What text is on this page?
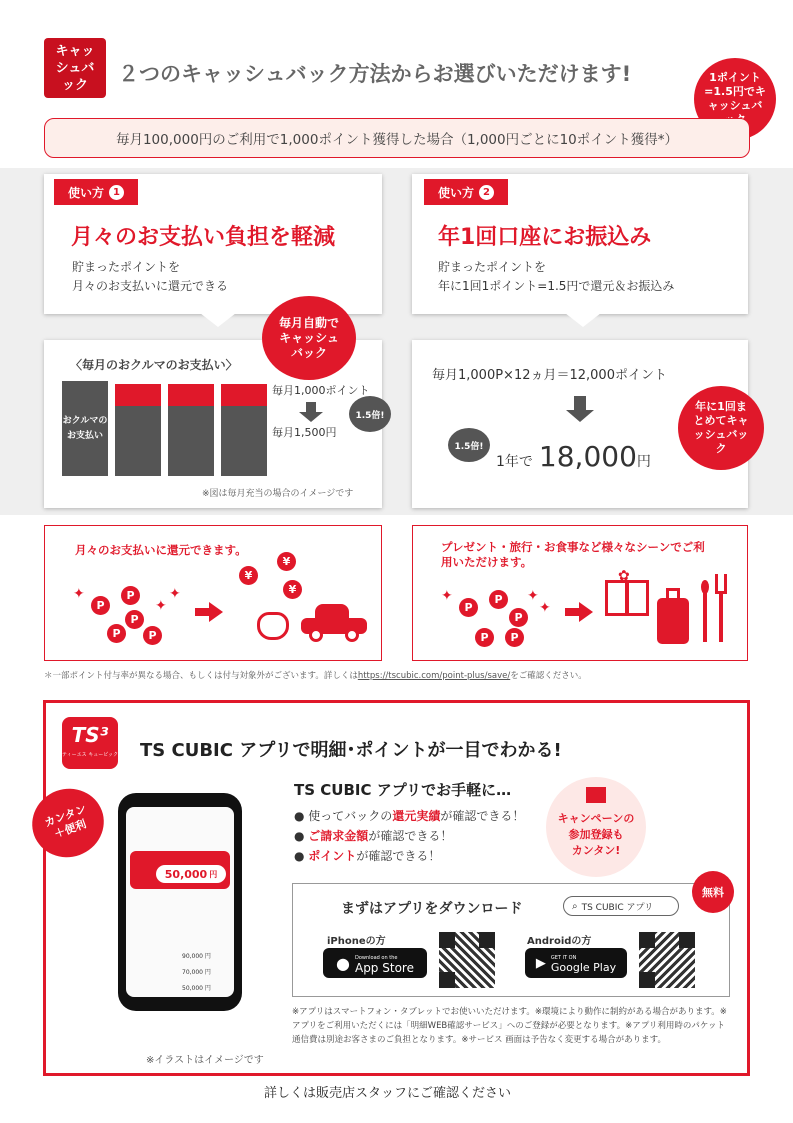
キャッシュバック	２つのキャッシュバック方法からお選びいただけます!	1ポイント=1.5円でキャッシュバ
毎月100,000円のご利用で1,000ポイント獲得した場合（1,000円ごとに10ポイント獲得*）
使い方 1
月々のお支払い負担を軽減
貯まったポイントを
月々のお支払いに還元できる
使い方 2
年1回口座にお振込み
貯まったポイントを
年に1回1ポイント=1.5円で還元＆お振込み
〈毎月のおクルマのお支払い〉
おクルマの
お支払い
毎月1,000ポイント
毎月1,500円
1.5倍!
※図は毎月充当の場合のイメージです
毎月自動でキャッシュバック
毎月1,000P×12ヵ月＝12,000ポイント
1.5倍!
1年で 18,000 円
年に1回まとめてキャッシュバック
月々のお支払いに還元できます。
✦
P
P
P
P	P
✦
✦
¥
¥
¥
プレゼント・旅行・お食事など様々なシーンでご利用いただけます。
✦
P
P
P
P	P
✦
✦
✿
＊一部ポイント付与率が異なる場合、もしくは付与対象外がございます。詳しくはhttps://tscubic.com/point-plus/save/をご確認ください。
TS³
ティーエス キュービック TS CUBIC アプリで明細･ポイントが一目でわかる!
カンタン＋便利
50,000 円
90,000 円
70,000 円
50,000 円
※イラストはイメージです
TS CUBIC アプリでお手軽に…
● 使ってバックの還元実績が確認できる！
● ご請求金額が確認できる！
● ポイントが確認できる！
キャンペーンの
参加登録も
カンタン!
まずはアプリをダウンロード	⌕ TS CUBIC アプリ
iPhoneの方
● Download on the
App Store
Androidの方
▶ GET IT ON
Google Play
無料
※アプリはスマートフォン・タブレットでお使いいただけます。※環境により動作に制約がある場合があります。※アプリをご利用いただくには「明細WEB確認サービス」へのご登録が必要となります。※アプリ利用時のパケット通信費は別途お客さまのご負担となります。※サービス 画面は予告なく変更する場合があります。
詳しくは販売店スタッフにご確認ください
